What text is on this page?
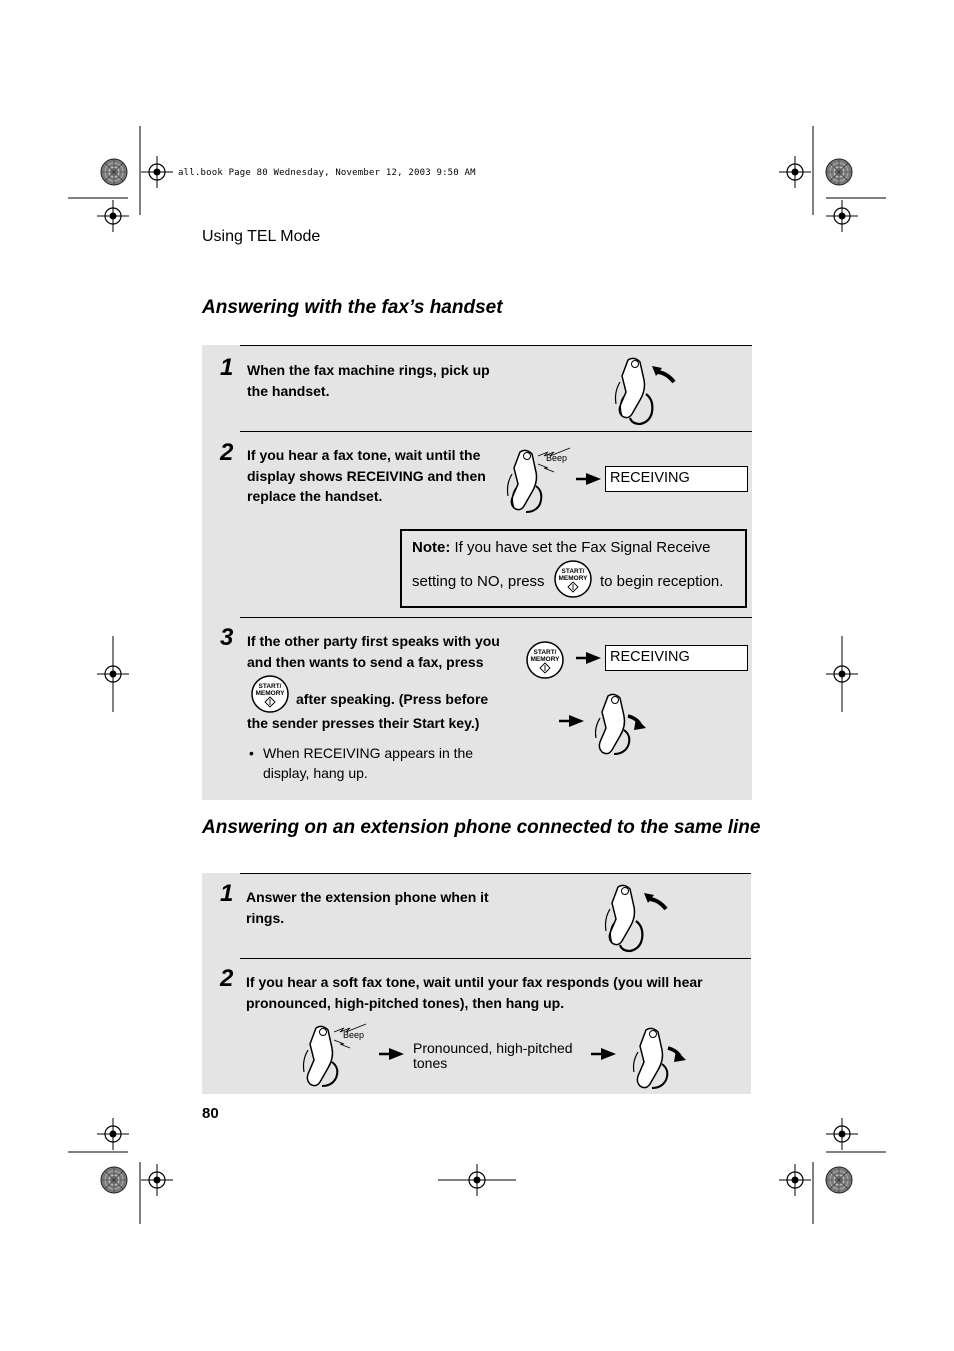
all.book Page 80 Wednesday, November 12, 2003 9:50 AM
Using TEL Mode
Answering with the fax’s handset
1 When the fax machine rings, pick up the handset.
2 If you hear a fax tone, wait until the display shows RECEIVING and then replace the handset.
Beep
RECEIVING
Note: If you have set the Fax Signal Receive
setting to NO, press
START/
MEMORY to begin reception.
3 If the other party first speaks with you and then wants to send a fax, press
START/
MEMORY after speaking. (Press before the sender presses their Start key.)
• When RECEIVING appears in the display, hang up.
START/
MEMORY	RECEIVING
Answering on an extension phone connected to the same line
1 Answer the extension phone when it rings.
2 If you hear a soft fax tone, wait until your fax responds (you will hear pronounced, high-pitched tones), then hang up.
Beep
Pronounced, high-pitched tones
80
